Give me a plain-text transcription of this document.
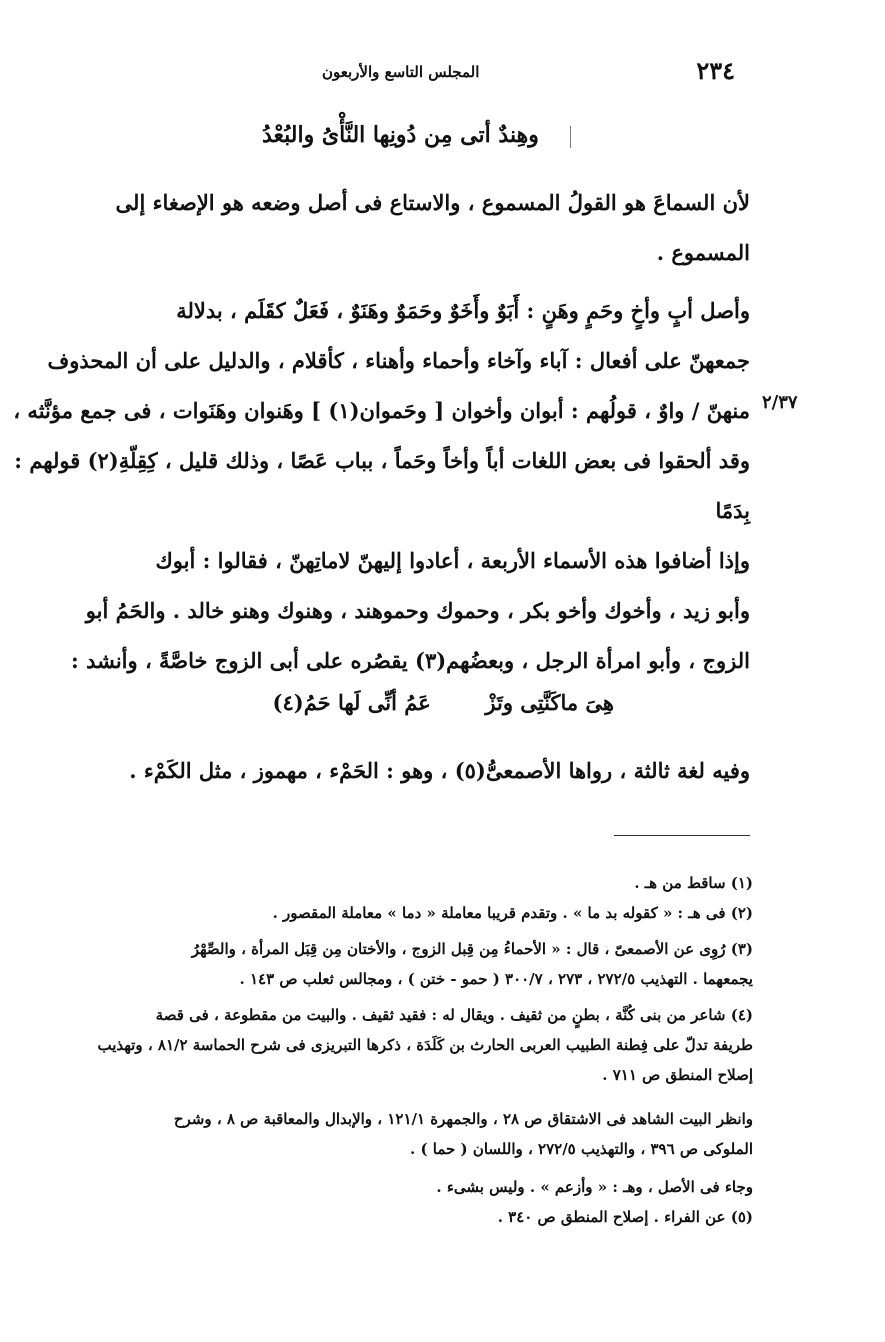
٢٣٤
المجلس التاسع والأربعون
وهِندٌ أتى مِن دُونِها النَّأْىُ والبُعْدُ
لأن السماعَ هو القولُ المسموع ، والاستاع فى أصل وضعه هو الإصغاء إلى
المسموع .
وأصل أبٍ وأخٍ وحَمٍ وهَنٍ : أَبَوٌ وأَخَوٌ وحَمَوٌ وهَنَوٌ ، فَعَلٌ كقَلَم ، بدلالة
جمعهنّ على أفعال : آباء وآخاء وأحماء وأهناء ، كأقلام ، والدليل على أن المحذوف
منهنّ / واوٌ ، قولُهم : أبوان وأخوان [ وحَموان(١) ] وهَنوان وهَنَوات ، فى جمع مؤنَّثه ،
وقد ألحقوا فى بعض اللغات أباً وأخاً وحَماً ، بباب عَصًا ، وذلك قليل ، كِقِلّةِ(٢) قولهم :
بِدَمًا
٢/٣٧
وإذا أضافوا هذه الأسماء الأربعة ، أعادوا إليهنّ لاماتِهنّ ، فقالوا : أبوك
وأبو زيد ، وأخوك وأخو بكر ، وحموك وحموهند ، وهنوك وهنو خالد . والحَمُ أبو
الزوج ، وأبو امرأة الرجل ، وبعضُهم(٣) يقصُره على أبى الزوج خاصَّةً ، وأنشد :
هِىَ ماكَنَّتِى وتَزْ  عَمُ أنِّى لَها حَمُ(٤)
وفيه لغة ثالثة ، رواها الأصمعىُّ(٥) ، وهو : الحَمْء ، مهموز ، مثل الكَمْء .
(١) ساقط من هـ .
(٢) فى هـ : « كقوله بد ما » . وتقدم قريبا معاملة « دما » معاملة المقصور .
(٣) رُوِى عن الأصمعىّ ، قال : « الأحماءُ مِن قِبل الزوج ، والأختان مِن قِبَل المرأة ، والصِّهْرُ
يجمعهما . التهذيب ٢٧٢/٥ ، ٢٧٣ ، ٣٠٠/٧ ( حمو - ختن ) ، ومجالس ثعلب ص ١٤٣ .
(٤) شاعر من بنى كُنَّة ، بطنٍ من ثقيف . ويقال له : فقيد ثقيف . والبيت من مقطوعة ، فى قصة
طريفة تدلّ على فِطنة الطبيب العربى الحارث بن كَلَدَة ، ذكرها التبريزى فى شرح الحماسة ٨١/٢ ، وتهذيب
إصلاح المنطق ص ٧١١ .
وانظر البيت الشاهد فى الاشتقاق ص ٢٨ ، والجمهرة ١٢١/١ ، والإبدال والمعاقبة ص ٨ ، وشرح
الملوكى ص ٣٩٦ ، والتهذيب ٢٧٢/٥ ، واللسان ( حما ) .
وجاء فى الأصل ، وهـ : « وأزعم » . وليس بشىء .
(٥) عن الفراء . إصلاح المنطق ص ٣٤٠ .
